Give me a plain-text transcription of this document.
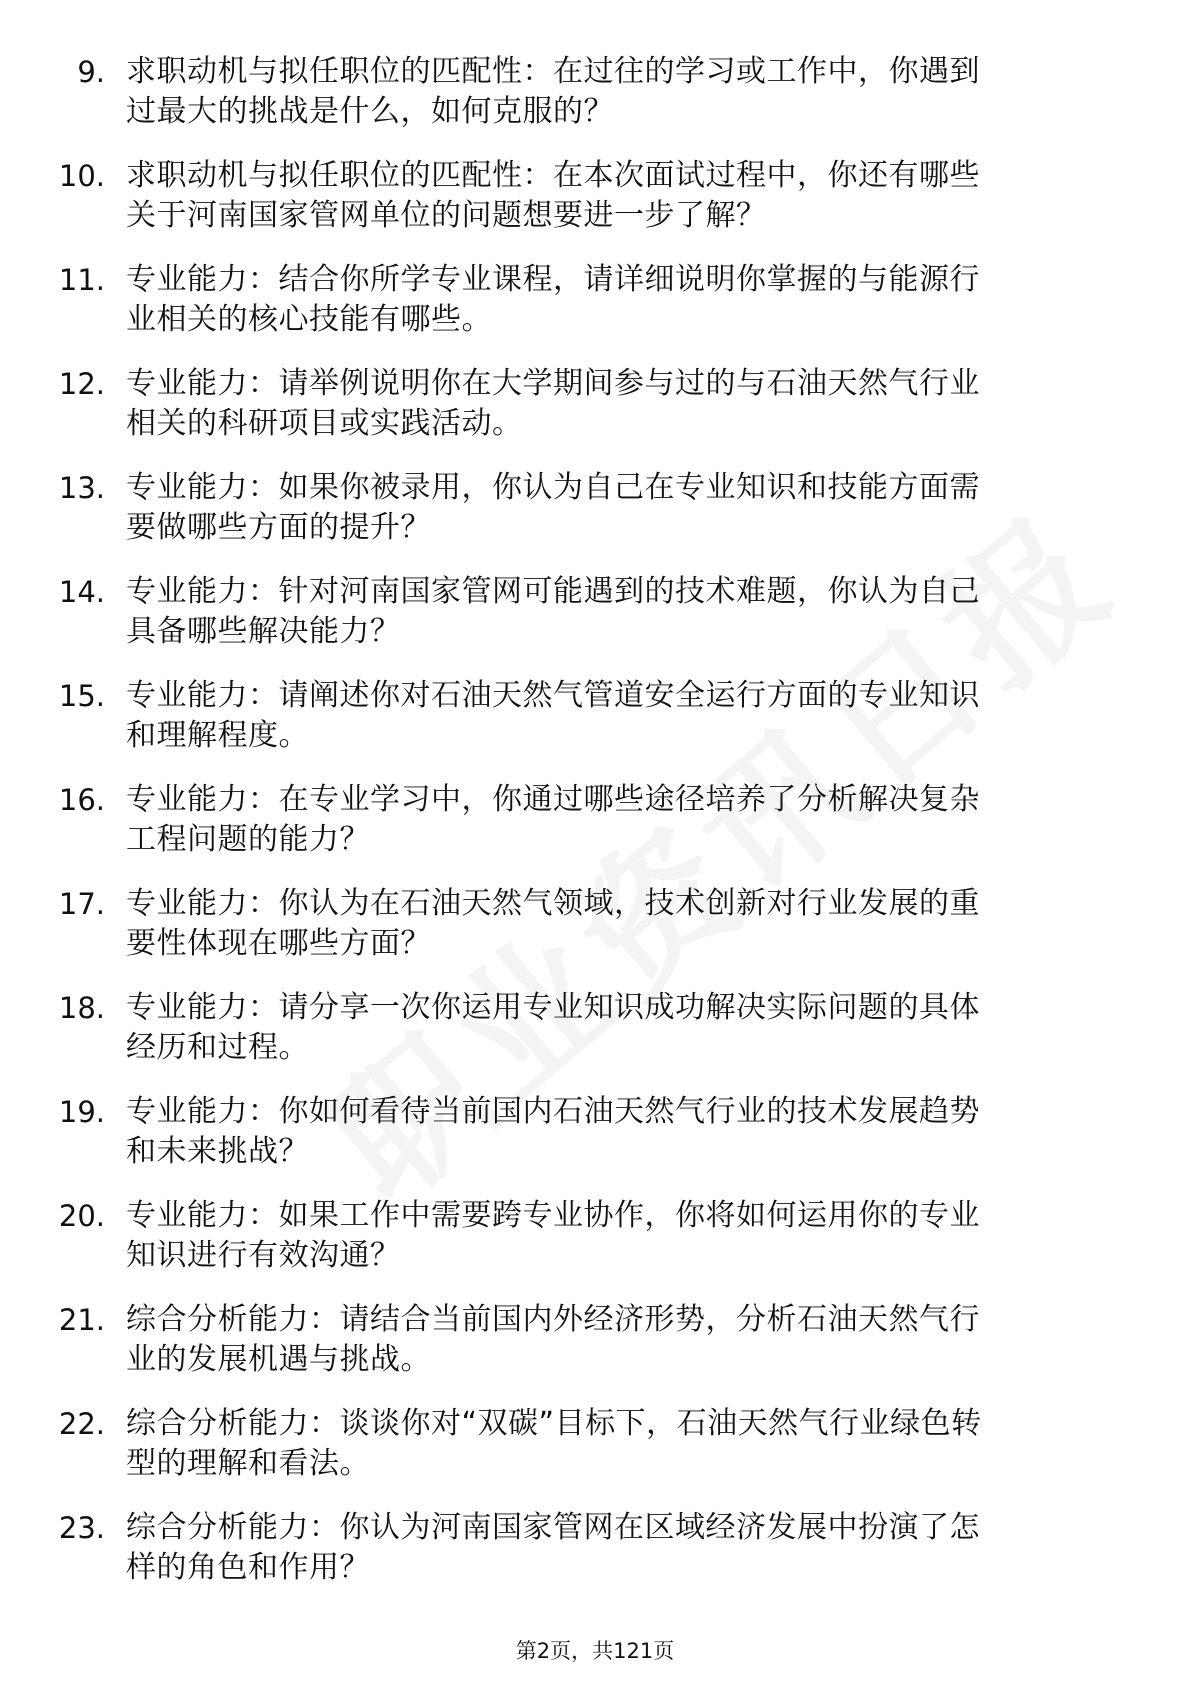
9. 求职动机与拟任职位的匹配性：在过往的学习或工作中，你遇到
过最大的挑战是什么，如何克服的？
10. 求职动机与拟任职位的匹配性：在本次面试过程中，你还有哪些
关于河南国家管网单位的问题想要进一步了解？
11. 专业能力：结合你所学专业课程，请详细说明你掌握的与能源行
业相关的核心技能有哪些。
12. 专业能力：请举例说明你在大学期间参与过的与石油天然气行业
相关的科研项目或实践活动。
13. 专业能力：如果你被录用，你认为自己在专业知识和技能方面需
要做哪些方面的提升？
14. 专业能力：针对河南国家管网可能遇到的技术难题，你认为自己
具备哪些解决能力？
15. 专业能力：请阐述你对石油天然气管道安全运行方面的专业知识
和理解程度。
16. 专业能力：在专业学习中，你通过哪些途径培养了分析解决复杂
工程问题的能力？
17. 专业能力：你认为在石油天然气领域，技术创新对行业发展的重
要性体现在哪些方面？
18. 专业能力：请分享一次你运用专业知识成功解决实际问题的具体
经历和过程。
19. 专业能力：你如何看待当前国内石油天然气行业的技术发展趋势
和未来挑战？
20. 专业能力：如果工作中需要跨专业协作，你将如何运用你的专业
知识进行有效沟通？
21. 综合分析能力：请结合当前国内外经济形势，分析石油天然气行
业的发展机遇与挑战。
22. 综合分析能力：谈谈你对“双碳”目标下，石油天然气行业绿色转
型的理解和看法。
23. 综合分析能力：你认为河南国家管网在区域经济发展中扮演了怎
样的角色和作用？
第2页，共121页
